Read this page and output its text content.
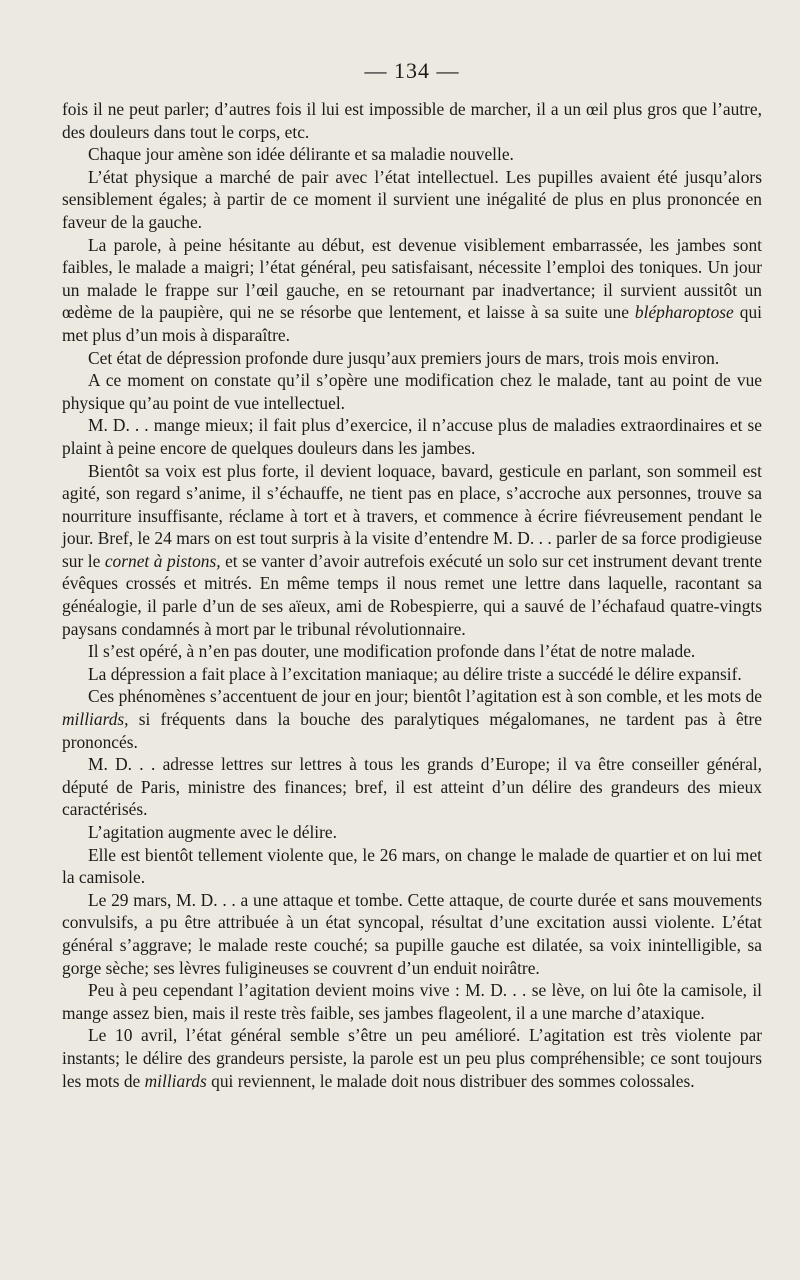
— 134 —

fois il ne peut parler; d’autres fois il lui est impossible de marcher, il a un œil plus gros que l’autre, des douleurs dans tout le corps, etc.

Chaque jour amène son idée délirante et sa maladie nouvelle.

L’état physique a marché de pair avec l’état intellectuel. Les pupilles avaient été jusqu’alors sensiblement égales; à partir de ce moment il survient une inégalité de plus en plus prononcée en faveur de la gauche.

La parole, à peine hésitante au début, est devenue visiblement embarrassée, les jambes sont faibles, le malade a maigri; l’état général, peu satisfaisant, nécessite l’emploi des toniques. Un jour un malade le frappe sur l’œil gauche, en se retournant par inadvertance; il survient aussitôt un œdème de la paupière, qui ne se résorbe que lentement, et laisse à sa suite une blépharoptose qui met plus d’un mois à disparaître.

Cet état de dépression profonde dure jusqu’aux premiers jours de mars, trois mois environ.

A ce moment on constate qu’il s’opère une modification chez le malade, tant au point de vue physique qu’au point de vue intellectuel.

M. D. . . mange mieux; il fait plus d’exercice, il n’accuse plus de maladies extraordinaires et se plaint à peine encore de quelques douleurs dans les jambes.

Bientôt sa voix est plus forte, il devient loquace, bavard, gesticule en parlant, son sommeil est agité, son regard s’anime, il s’échauffe, ne tient pas en place, s’accroche aux personnes, trouve sa nourriture insuffisante, réclame à tort et à travers, et commence à écrire fiévreusement pendant le jour. Bref, le 24 mars on est tout surpris à la visite d’entendre M. D. . . parler de sa force prodigieuse sur le cornet à pistons, et se vanter d’avoir autrefois exécuté un solo sur cet instrument devant trente évêques crossés et mitrés. En même temps il nous remet une lettre dans laquelle, racontant sa généalogie, il parle d’un de ses aïeux, ami de Robespierre, qui a sauvé de l’échafaud quatre-vingts paysans condamnés à mort par le tribunal révolutionnaire.

Il s’est opéré, à n’en pas douter, une modification profonde dans l’état de notre malade.

La dépression a fait place à l’excitation maniaque; au délire triste a succédé le délire expansif.

Ces phénomènes s’accentuent de jour en jour; bientôt l’agitation est à son comble, et les mots de milliards, si fréquents dans la bouche des paralytiques mégalomanes, ne tardent pas à être prononcés.

M. D. . . adresse lettres sur lettres à tous les grands d’Europe; il va être conseiller général, député de Paris, ministre des finances; bref, il est atteint d’un délire des grandeurs des mieux caractérisés.

L’agitation augmente avec le délire.

Elle est bientôt tellement violente que, le 26 mars, on change le malade de quartier et on lui met la camisole.

Le 29 mars, M. D. . . a une attaque et tombe. Cette attaque, de courte durée et sans mouvements convulsifs, a pu être attribuée à un état syncopal, résultat d’une excitation aussi violente. L’état général s’aggrave; le malade reste couché; sa pupille gauche est dilatée, sa voix inintelligible, sa gorge sèche; ses lèvres fuligineuses se couvrent d’un enduit noirâtre.

Peu à peu cependant l’agitation devient moins vive : M. D. . . se lève, on lui ôte la camisole, il mange assez bien, mais il reste très faible, ses jambes flageolent, il a une marche d’ataxique.

Le 10 avril, l’état général semble s’être un peu amélioré. L’agitation est très violente par instants; le délire des grandeurs persiste, la parole est un peu plus compréhensible; ce sont toujours les mots de milliards qui reviennent, le malade doit nous distribuer des sommes colossales.
